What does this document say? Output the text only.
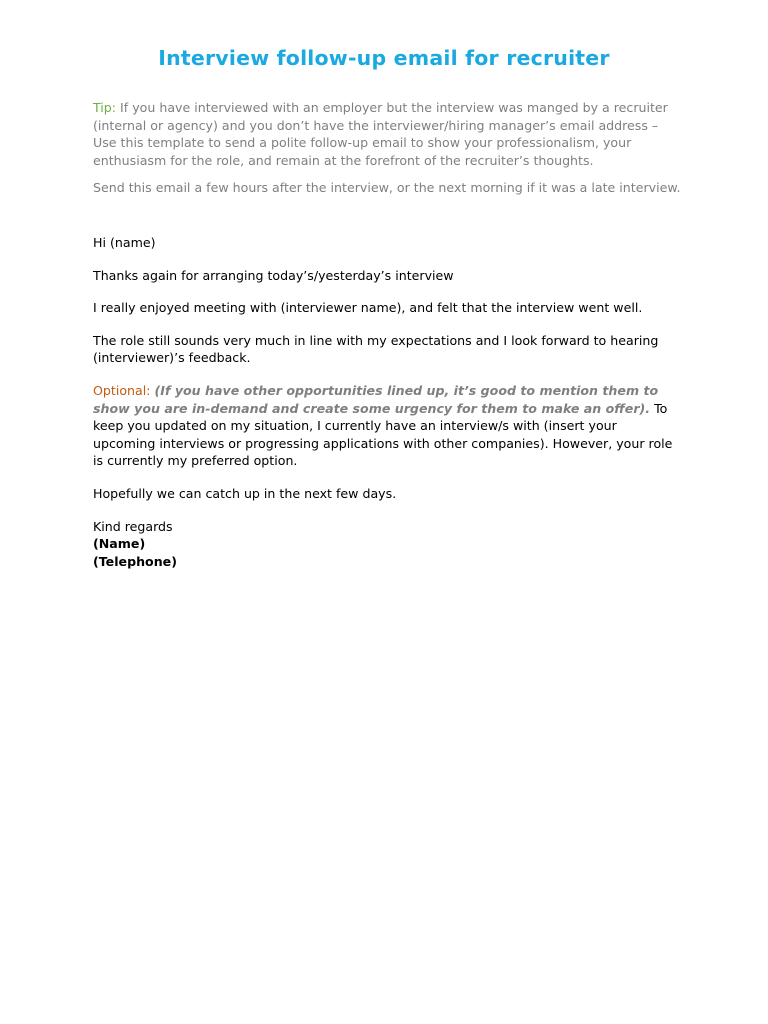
Interview follow-up email for recruiter

Tip: If you have interviewed with an employer but the interview was manged by a recruiter (internal or agency) and you don’t have the interviewer/hiring manager’s email address – Use this template to send a polite follow-up email to show your professionalism, your enthusiasm for the role, and remain at the forefront of the recruiter’s thoughts.

Send this email a few hours after the interview, or the next morning if it was a late interview.

Hi (name)

Thanks again for arranging today’s/yesterday’s interview

I really enjoyed meeting with (interviewer name), and felt that the interview went well.

The role still sounds very much in line with my expectations and I look forward to hearing (interviewer)’s feedback.

Optional: (If you have other opportunities lined up, it’s good to mention them to show you are in-demand and create some urgency for them to make an offer). To keep you updated on my situation, I currently have an interview/s with (insert your upcoming interviews or progressing applications with other companies). However, your role is currently my preferred option.

Hopefully we can catch up in the next few days.

Kind regards
(Name)
(Telephone)
